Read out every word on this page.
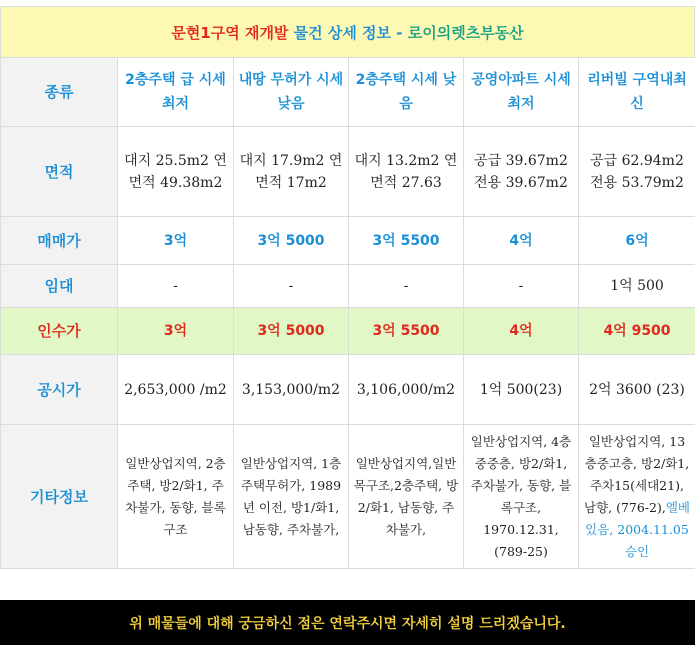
문현1구역 재개발
물건 상세 정보 -
로이의렛츠부동산
종류	2층주택 급 시세 최저	내땅 무허가 시세 낮음	2층주택 시세 낮음	공영아파트 시세 최저	리버빌 구역내최신
면적	대지 25.5m2 연면적 49.38m2	대지 17.9m2 연면적 17m2	대지 13.2m2 연면적 27.63	공급 39.67m2 전용 39.67m2	공급 62.94m2 전용 53.79m2
매매가	3억	3억 5000	3억 5500	4억	6억
임대	-	-	-	-	1억 500
인수가	3억	3억 5000	3억 5500	4억	4억 9500
공시가	2,653,000 /m2	3,153,000/m2	3,106,000/m2	1억 500(23)	2억 3600 (23)
기타정보	일반상업지역, 2층주택, 방2/화1, 주차불가, 동향, 블록구조	일반상업지역, 1층주택무허가, 1989년 이전, 방1/화1, 남동향, 주차불가,	일반상업지역,일반목구조,2층주택, 방2/화1, 남동향, 주차불가,	일반상업지역, 4층중중층, 방2/화1, 주차불가, 동향, 블록구조, 1970.12.31,(789-25)	일반상업지역, 13층중고층, 방2/화1, 주차15(세대21), 남향, (776-2),엘베있음, 2004.11.05승인
위 매물들에 대해 궁금하신 점은 연락주시면 자세히 설명 드리겠습니다.
